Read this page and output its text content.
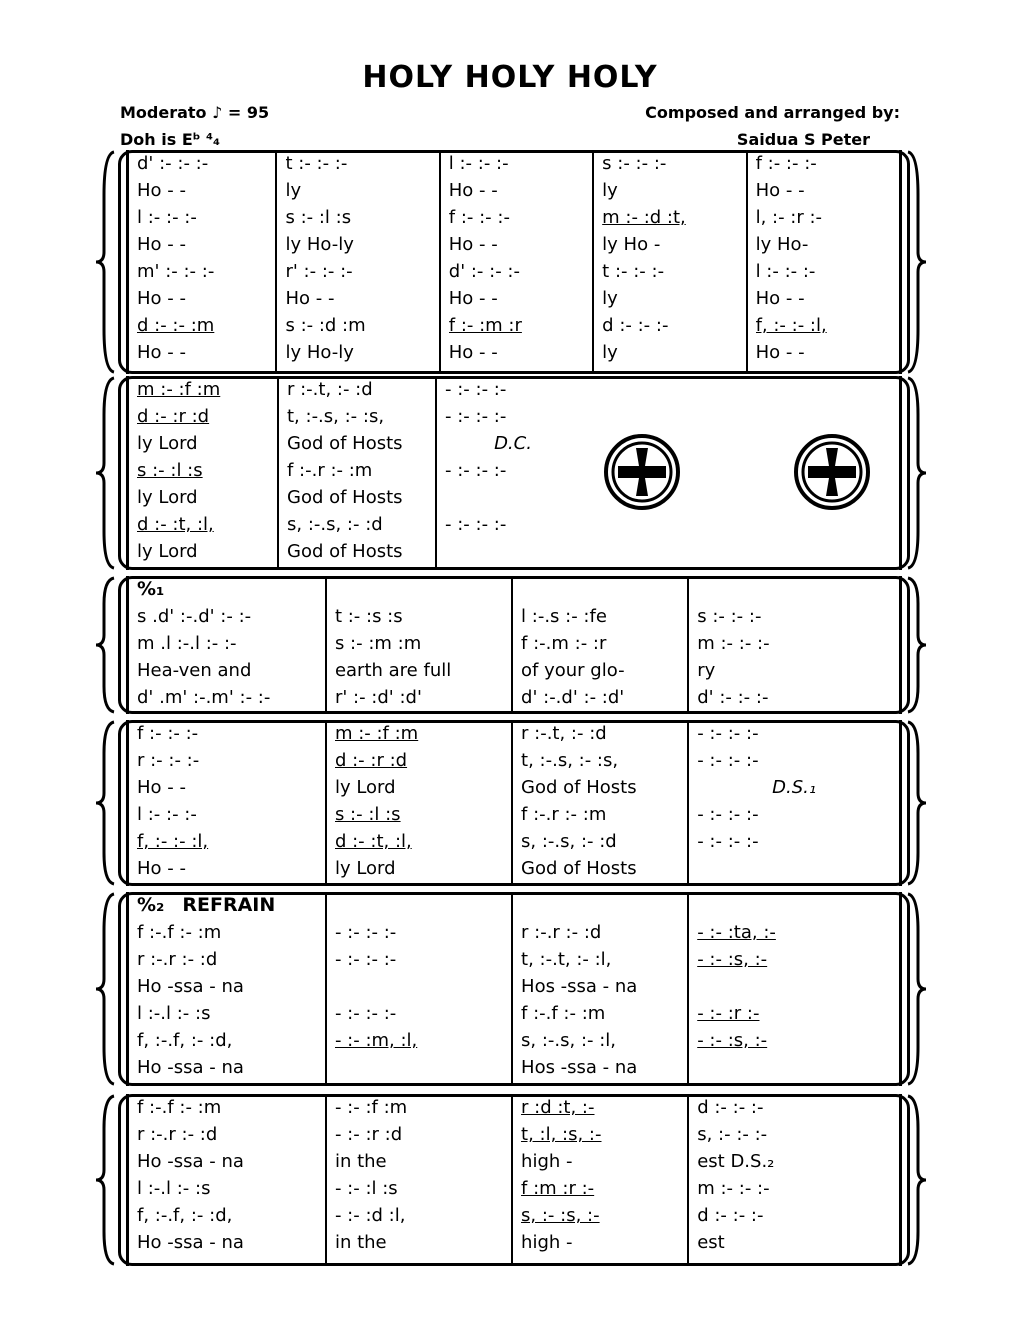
HOLY HOLY HOLY
Moderato ♪ = 95
Doh is Eᵇ ⁴₄
Composed and arranged by:
Saidua S Peter
d' :- :- :-
Ho - -
l :- :- :-
Ho - -
m' :- :- :-
Ho - -
d :- :- :m
Ho - -
t :- :- :-
ly
s :- :l :s
ly Ho-ly
r' :- :- :-
Ho - -
s :- :d :m
ly Ho-ly
l :- :- :-
Ho - -
f :- :- :-
Ho - -
d' :- :- :-
Ho - -
f :- :m :r
Ho - -
s :- :- :-
ly
m :- :d :t,
ly Ho -
t :- :- :-
ly
d :- :- :-
ly
f :- :- :-
Ho - -
l, :- :r :-
ly Ho-
l :- :- :-
Ho - -
f, :- :- :l,
Ho - -
m :- :f :m
d :- :r :d
ly Lord
s :- :l :s
ly Lord
d :- :t, :l,
ly Lord
r :-.t, :- :d
t, :-.s, :- :s,
God of Hosts
f :-.r :- :m
God of Hosts
s, :-.s, :- :d
God of Hosts
- :- :- :-
- :- :- :-
D.C.
- :- :- :-
- :- :- :-
%₁
s .d' :-.d' :- :-
m .l :-.l :- :-
Hea-ven and
d' .m' :-.m' :- :-
t :- :s :s
s :- :m :m
earth are full
r' :- :d' :d'
l :-.s :- :fe
f :-.m :- :r
of your glo-
d' :-.d' :- :d'
s :- :- :-
m :- :- :-
ry
d' :- :- :-
f :- :- :-
r :- :- :-
Ho - -
l :- :- :-
f, :- :- :l,
Ho - -
m :- :f :m
d :- :r :d
ly Lord
s :- :l :s
d :- :t, :l,
ly Lord
r :-.t, :- :d
t, :-.s, :- :s,
God of Hosts
f :-.r :- :m
s, :-.s, :- :d
God of Hosts
- :- :- :-
- :- :- :-
D.S.₁
- :- :- :-
- :- :- :-
%₂ REFRAIN
f :-.f :- :m
r :-.r :- :d
Ho -ssa - na
l :-.l :- :s
f, :-.f, :- :d,
Ho -ssa - na
- :- :- :-
- :- :- :-
- :- :- :-
- :- :m, :l,
r :-.r :- :d
t, :-.t, :- :l,
Hos -ssa - na
f :-.f :- :m
s, :-.s, :- :l,
Hos -ssa - na
- :- :ta, :-
- :- :s, :-
- :- :r :-
- :- :s, :-
f :-.f :- :m
r :-.r :- :d
Ho -ssa - na
l :-.l :- :s
f, :-.f, :- :d,
Ho -ssa - na
- :- :f :m
- :- :r :d
in the
- :- :l :s
- :- :d :l,
in the
r :d :t, :-
t, :l, :s, :-
high -
f :m :r :-
s, :- :s, :-
high -
d :- :- :-
s, :- :- :-
est D.S.₂
m :- :- :-
d :- :- :-
est
